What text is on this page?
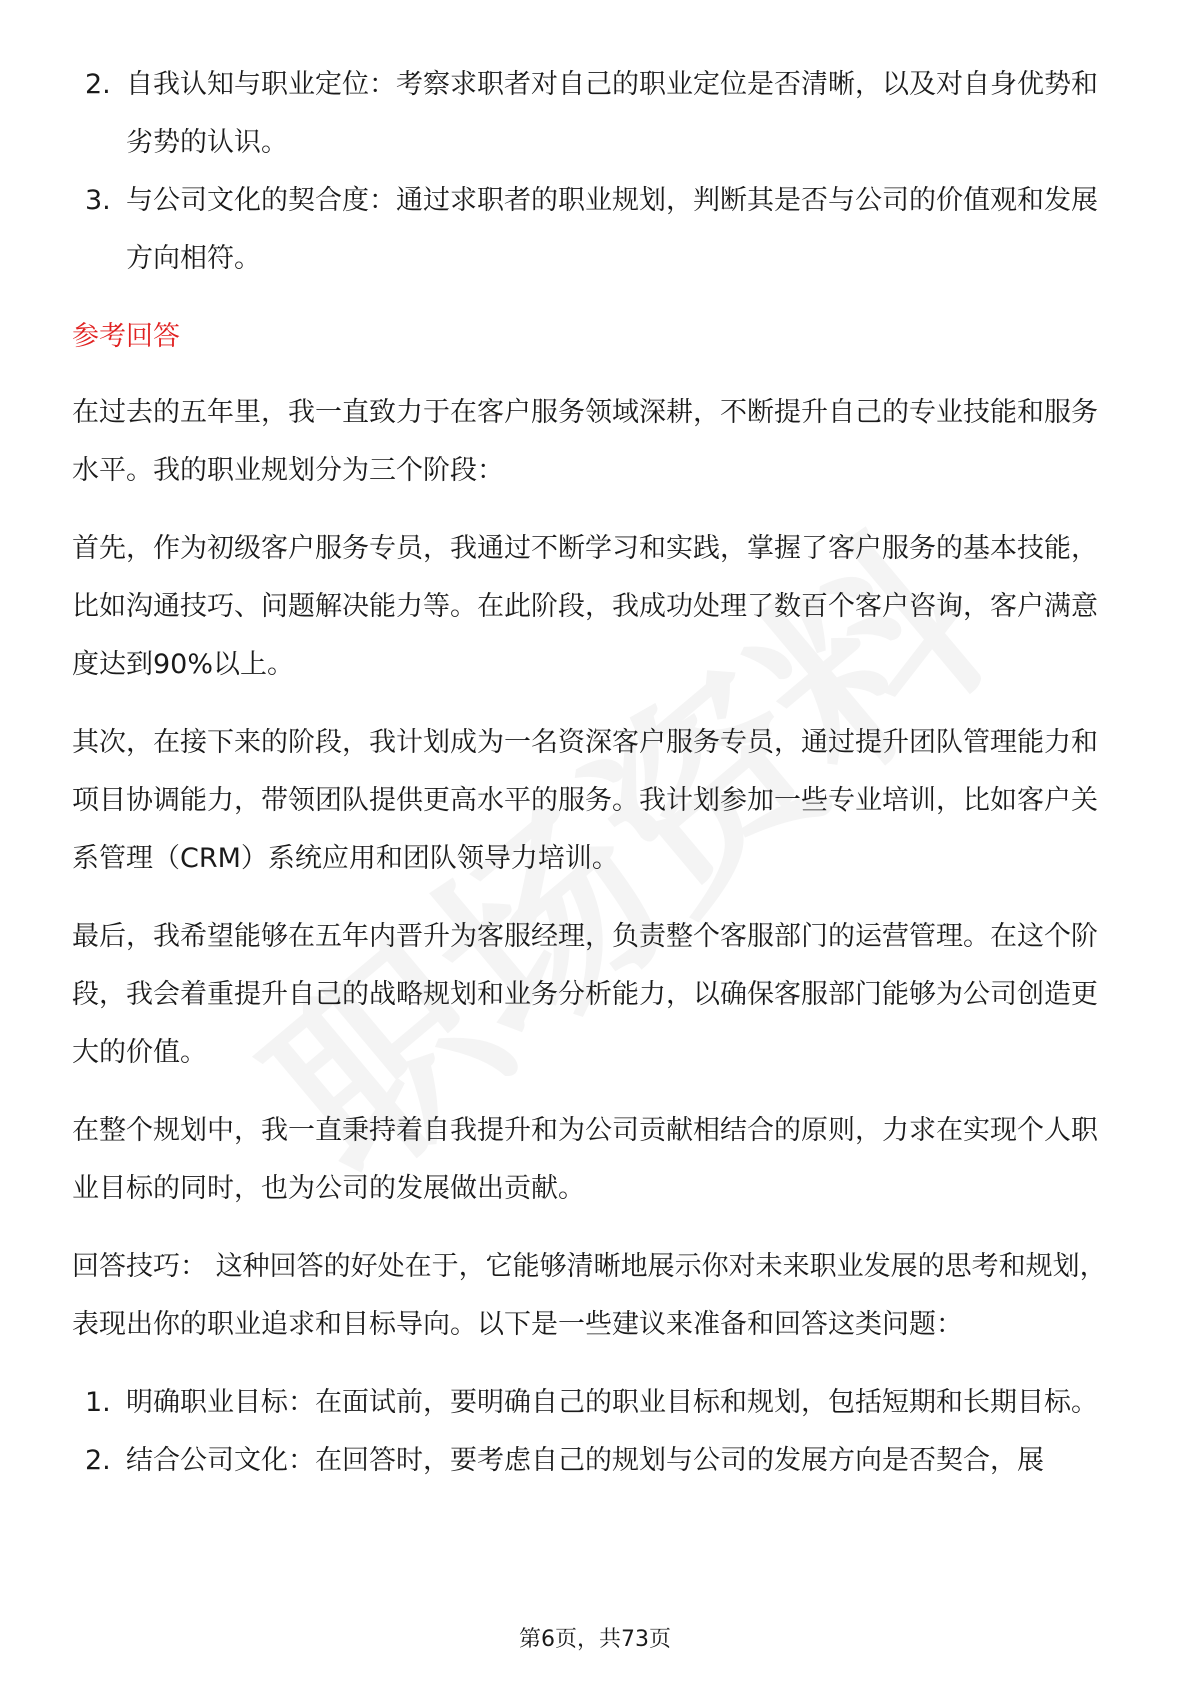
2. 自我认知与职业定位：考察求职者对自己的职业定位是否清晰，以及对自身优势和劣势的认识。
3. 与公司文化的契合度：通过求职者的职业规划，判断其是否与公司的价值观和发展方向相符。
参考回答

在过去的五年里，我一直致力于在客户服务领域深耕，不断提升自己的专业技能和服务水平。我的职业规划分为三个阶段：

首先，作为初级客户服务专员，我通过不断学习和实践，掌握了客户服务的基本技能，比如沟通技巧、问题解决能力等。在此阶段，我成功处理了数百个客户咨询，客户满意度达到90%以上。

其次，在接下来的阶段，我计划成为一名资深客户服务专员，通过提升团队管理能力和项目协调能力，带领团队提供更高水平的服务。我计划参加一些专业培训，比如客户关系管理（CRM）系统应用和团队领导力培训。

最后，我希望能够在五年内晋升为客服经理，负责整个客服部门的运营管理。在这个阶段，我会着重提升自己的战略规划和业务分析能力，以确保客服部门能够为公司创造更大的价值。

在整个规划中，我一直秉持着自我提升和为公司贡献相结合的原则，力求在实现个人职业目标的同时，也为公司的发展做出贡献。

回答技巧： 这种回答的好处在于，它能够清晰地展示你对未来职业发展的思考和规划，表现出你的职业追求和目标导向。以下是一些建议来准备和回答这类问题：

1. 明确职业目标：在面试前，要明确自己的职业目标和规划，包括短期和长期目标。
2. 结合公司文化：在回答时，要考虑自己的规划与公司的发展方向是否契合，展
第6页，共73页
